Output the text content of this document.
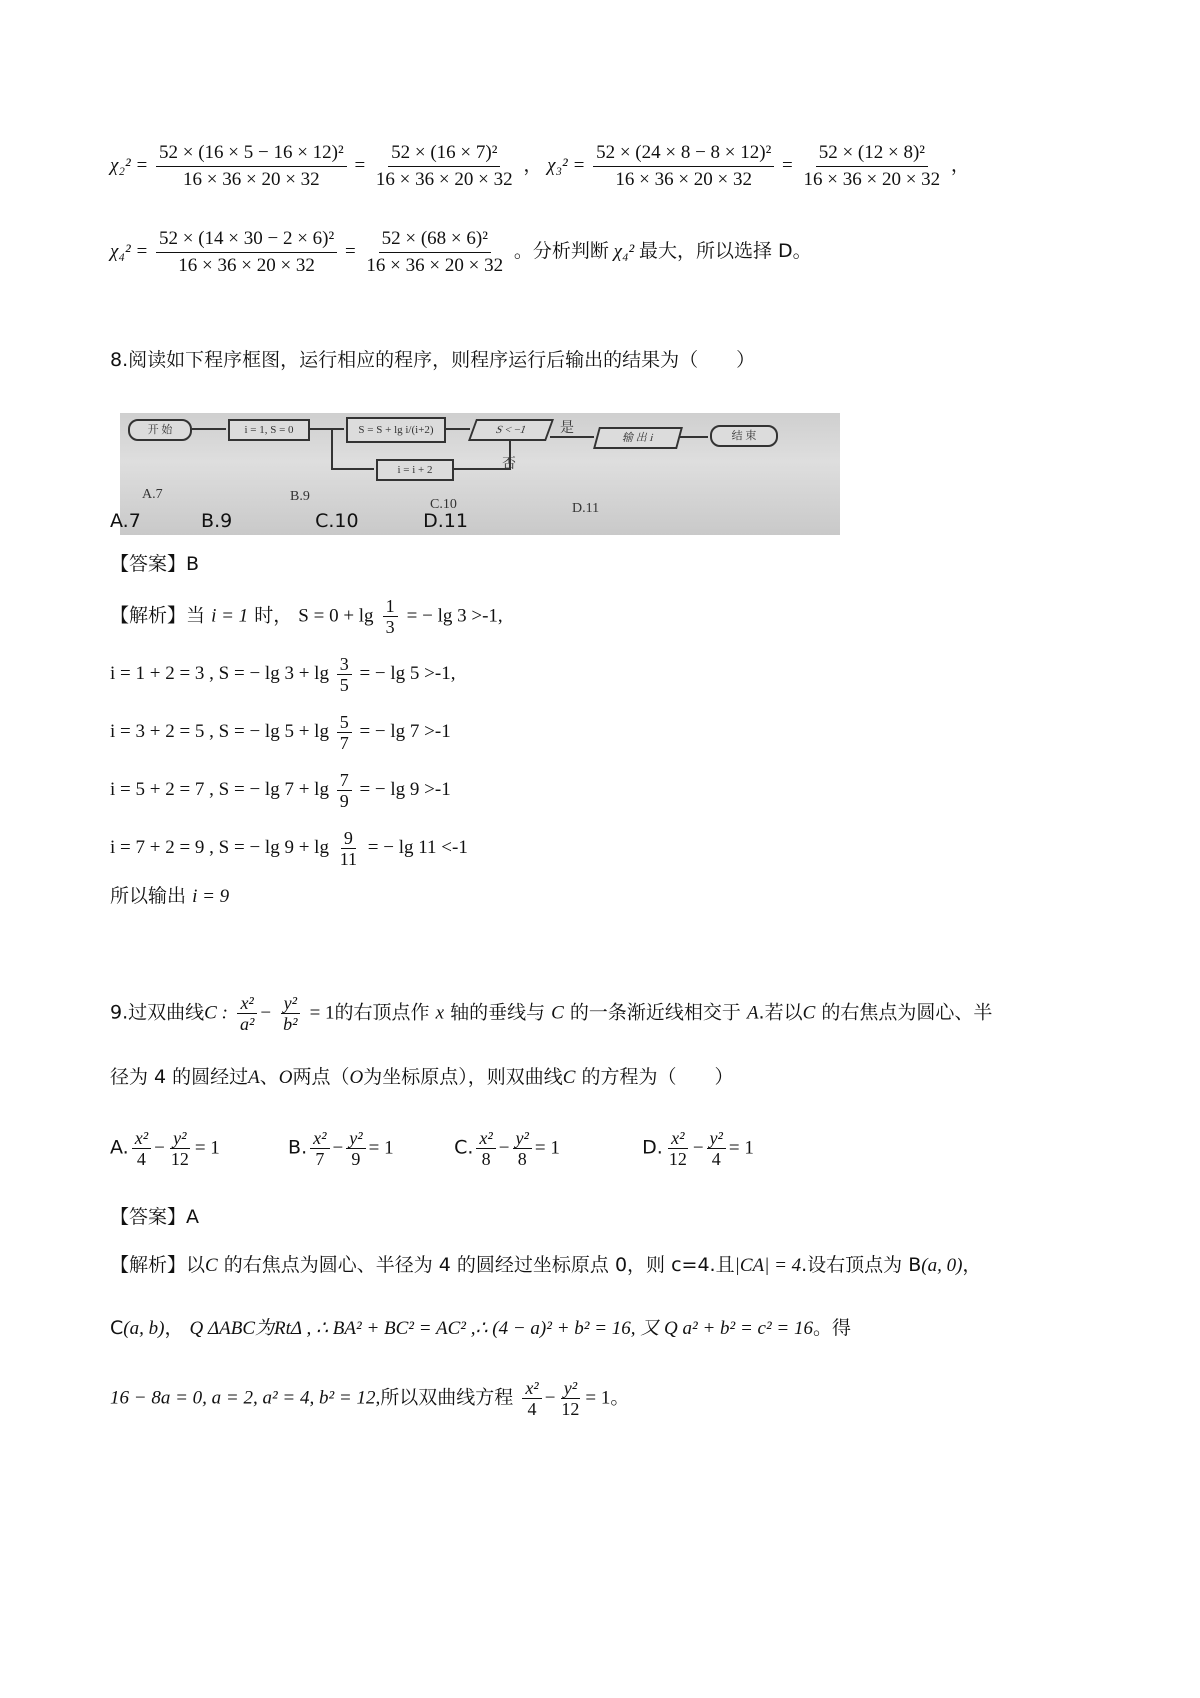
$\chi_2^2 = \frac{\text{52 × (16 × 5 − 16 × 12)²}}{16 \times 36 \times 20 \times 32} = \frac{\text{52 × (16 × 7)²}}{16 \times 36 \times 20 \times 32}$ ， $\chi_3^2 = \frac{\text{52 × (24 × 8 − 8 × 12)²}}{16 \times 36 \times 20 \times 32} = \frac{\text{52 × (12 × 8)²}}{16 \times 36 \times 20 \times 32}$ ，
$\chi_4^2 = \frac{\text{52 × (14 × 30 − 2 × 6)²}}{16 \times 36 \times 20 \times 32} = \frac{\text{52 × (68 × 6)²}}{16 \times 36 \times 20 \times 32}$ 。分析判断 χ₄² 最大，所以选择 D。
8.阅读如下程序框图，运行相应的程序，则程序运行后输出的结果为（　　）
开 始	i = 1, S = 0	S = S + lg i/(i+2)	S < −1
输 出 i	结 束
i = i + 2
是
否
A.7	B.9
C.10	D.11
A.7	B.9	C.10	D.11
【答案】B
【解析】当 i = 1 时， $S = 0 + \lg \frac{1}{3}$ = − lg 3 >-1,
i = 1 + 2 = 3 , S = − $\lg 3 + \lg \frac{3}{5}$ = − lg 5 >-1,
i = 3 + 2 = 5 , S = − $\lg 5 + \lg \frac{5}{7}$ = − lg 7 >-1
i = 5 + 2 = 7 , S = − $\lg 7 + \lg \frac{7}{9}$ = − lg 9 >-1
i = 7 + 2 = 9 , S = − $\lg 9 + \lg \frac{9}{11}$ = − lg 11 <-1
所以输出 i = 9
9.过双曲线C : $\frac{\text{x²}}{\text{a²}} - \frac{\text{y²}}{\text{b²}} = 1$的右顶点作 x 轴的垂线与 C 的一条渐近线相交于 A.若以C 的右焦点为圆心、半
径为 4 的圆经过A、O两点（O为坐标原点），则双曲线C 的方程为（　　）
A. $\frac{\text{x²}}{4} - \frac{\text{y²}}{12} = 1$	B. $\frac{\text{x²}}{7} - \frac{\text{y²}}{9} = 1$	C. $\frac{\text{x²}}{8} - \frac{\text{y²}}{8} = 1$	D. $\frac{\text{x²}}{12} - \frac{\text{y²}}{4} = 1$
【答案】A
【解析】以C 的右焦点为圆心、半径为 4 的圆经过坐标原点 0，则 c=4.且|CA| = 4.设右顶点为 B(a, 0)，
C(a, b)， Q ΔABC为RtΔ , ∴ BA² + BC² = AC² ,∴ (4 − a)² + b² = 16, 又 Q a² + b² = c² = 16。得
16 − 8a = 0, a = 2, a² = 4, b² = 12,所以双曲线方程 $\frac{\text{x²}}{4} - \frac{\text{y²}}{12} = 1$。
